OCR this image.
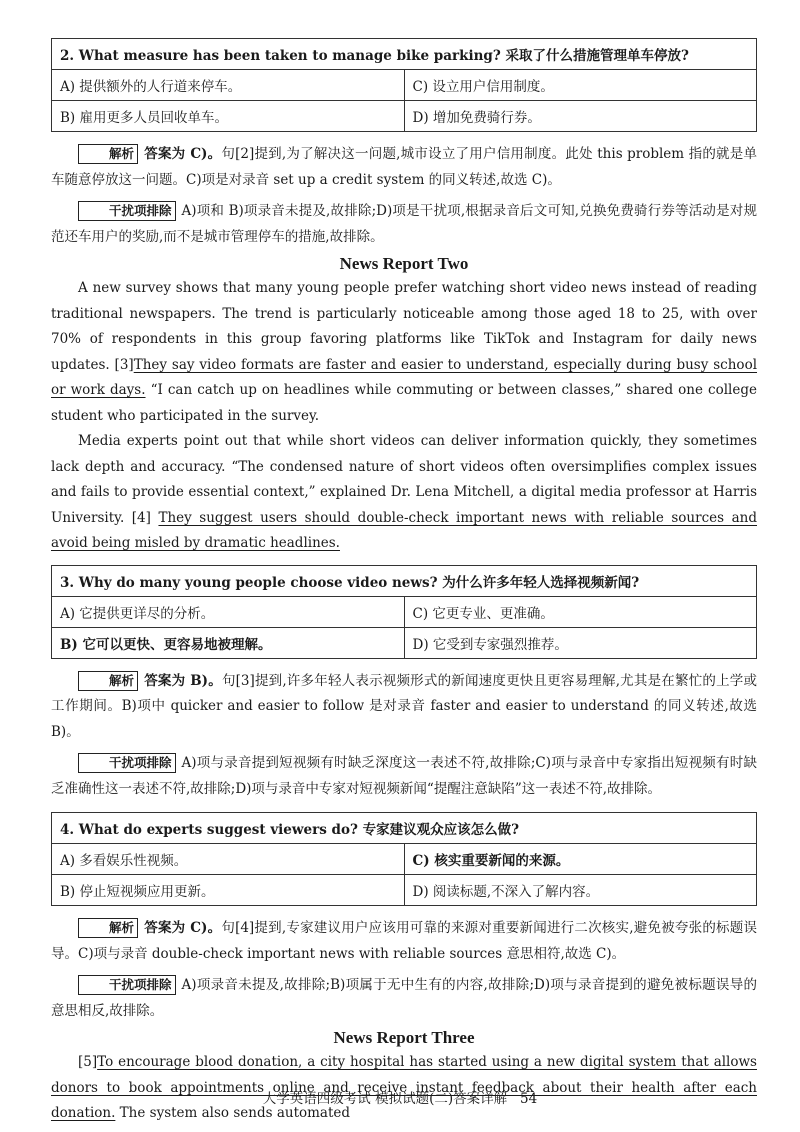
2. What measure has been taken to manage bike parking? 采取了什么措施管理单车停放?	
A) 提供额外的人行道来停车。	C) 设立用户信用制度。
B) 雇用更多人员回收单车。	D) 增加免费骑行券。

解析 答案为 C)。句[2]提到,为了解决这一问题,城市设立了用户信用制度。此处 this problem 指的就是单车随意停放这一问题。C)项是对录音 set up a credit system 的同义转述,故选 C)。

干扰项排除 A)项和 B)项录音未提及,故排除;D)项是干扰项,根据录音后文可知,兑换免费骑行券等活动是对规范还车用户的奖励,而不是城市管理停车的措施,故排除。

News Report Two

A new survey shows that many young people prefer watching short video news instead of reading traditional newspapers. The trend is particularly noticeable among those aged 18 to 25, with over 70% of respondents in this group favoring platforms like TikTok and Instagram for daily news updates. [3]They say video formats are faster and easier to understand, especially during busy school or work days. “I can catch up on headlines while commuting or between classes,” shared one college student who participated in the survey.

Media experts point out that while short videos can deliver information quickly, they sometimes lack depth and accuracy. “The condensed nature of short videos often oversimplifies complex issues and fails to provide essential context,” explained Dr. Lena Mitchell, a digital media professor at Harris University. [4] They suggest users should double-check important news with reliable sources and avoid being misled by dramatic headlines.

3. Why do many young people choose video news? 为什么许多年轻人选择视频新闻?	
A) 它提供更详尽的分析。	C) 它更专业、更准确。
B) 它可以更快、更容易地被理解。	D) 它受到专家强烈推荐。

解析 答案为 B)。句[3]提到,许多年轻人表示视频形式的新闻速度更快且更容易理解,尤其是在繁忙的上学或工作期间。B)项中 quicker and easier to follow 是对录音 faster and easier to understand 的同义转述,故选 B)。

干扰项排除 A)项与录音提到短视频有时缺乏深度这一表述不符,故排除;C)项与录音中专家指出短视频有时缺乏准确性这一表述不符,故排除;D)项与录音中专家对短视频新闻“提醒注意缺陷”这一表述不符,故排除。

4. What do experts suggest viewers do? 专家建议观众应该怎么做?	
A) 多看娱乐性视频。	C) 核实重要新闻的来源。
B) 停止短视频应用更新。	D) 阅读标题,不深入了解内容。

解析 答案为 C)。句[4]提到,专家建议用户应该用可靠的来源对重要新闻进行二次核实,避免被夸张的标题误导。C)项与录音 double-check important news with reliable sources 意思相符,故选 C)。

干扰项排除 A)项录音未提及,故排除;B)项属于无中生有的内容,故排除;D)项与录音提到的避免被标题误导的意思相反,故排除。

News Report Three

[5]To encourage blood donation, a city hospital has started using a new digital system that allows donors to book appointments online and receive instant feedback about their health after each donation. The system also sends automated

大学英语四级考试 模拟试题(二)答案详解 54
